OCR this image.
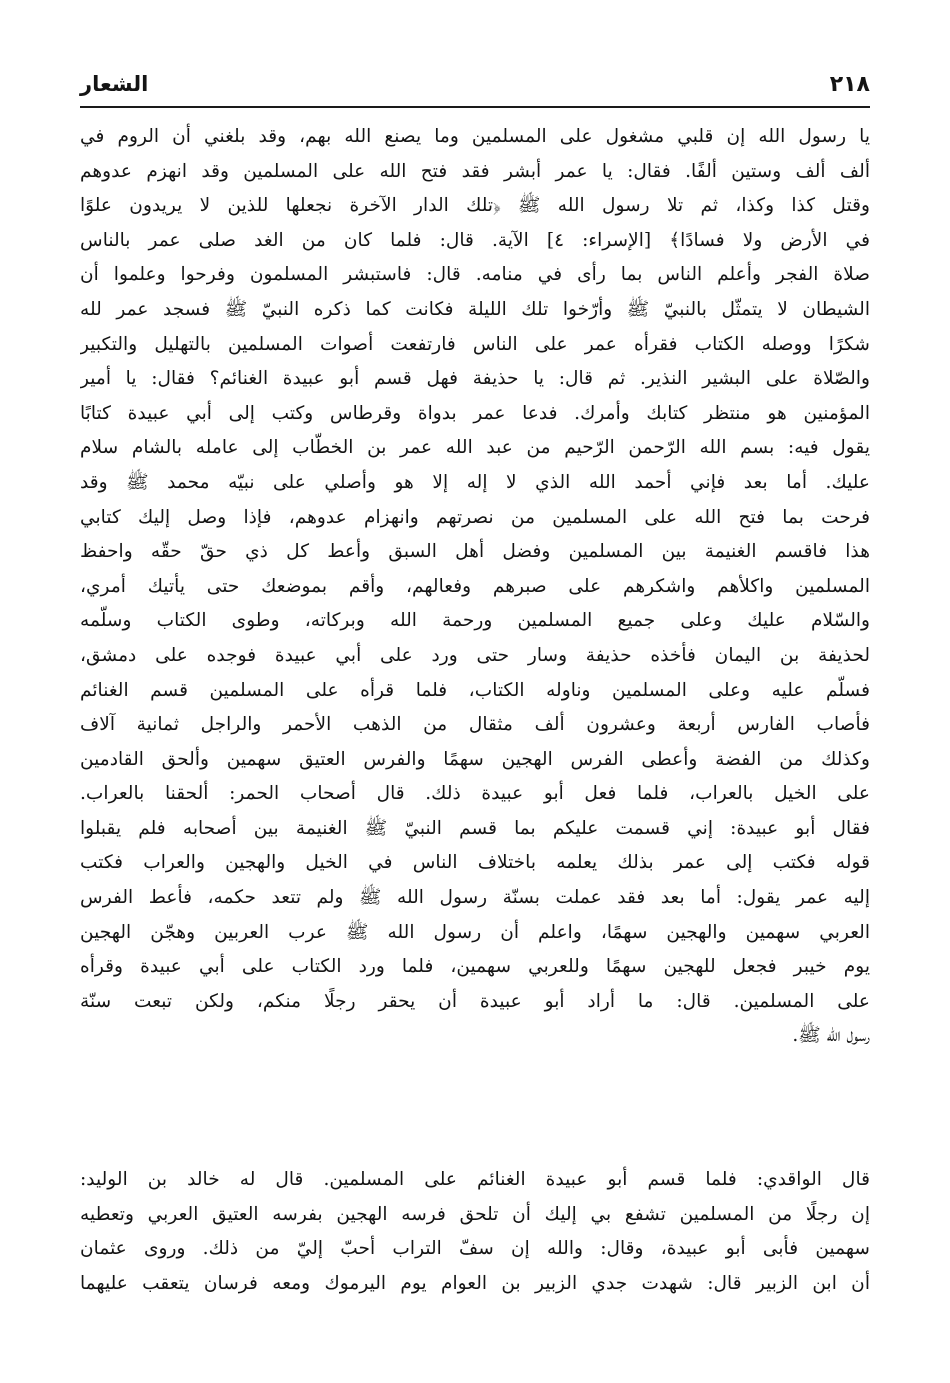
٢١٨
الشعار
يا رسول الله إن قلبي مشغول على المسلمين وما يصنع الله بهم، وقد بلغني أن الروم في
ألف ألف وستين ألفًا. فقال: يا عمر أبشر فقد فتح الله على المسلمين وقد انهزم عدوهم
وقتل كذا وكذا، ثم تلا رسول الله ﷺ ﴿تلك الدار الآخرة نجعلها للذين لا يريدون علوًا
في الأرض ولا فسادًا﴾ [الإسراء: ٤] الآية. قال: فلما كان من الغد صلى عمر بالناس
صلاة الفجر وأعلم الناس بما رأى في منامه. قال: فاستبشر المسلمون وفرحوا وعلموا أن
الشيطان لا يتمثّل بالنبيّ ﷺ وأرّخوا تلك الليلة فكانت كما ذكره النبيّ ﷺ فسجد عمر لله
شكرًا ووصله الكتاب فقرأه عمر على الناس فارتفعت أصوات المسلمين بالتهليل والتكبير
والصّلاة على البشير النذير. ثم قال: يا حذيفة فهل قسم أبو عبيدة الغنائم؟ فقال: يا أمير
المؤمنين هو منتظر كتابك وأمرك. فدعا عمر بدواة وقرطاس وكتب إلى أبي عبيدة كتابًا
يقول فيه: بسم الله الرّحمن الرّحيم من عبد الله عمر بن الخطّاب إلى عامله بالشام سلام
عليك. أما بعد فإني أحمد الله الذي لا إله إلا هو وأصلي على نبيّه محمد ﷺ وقد
فرحت بما فتح الله على المسلمين من نصرتهم وانهزام عدوهم، فإذا وصل إليك كتابي
هذا فاقسم الغنيمة بين المسلمين وفضل أهل السبق وأعط كل ذي حقّ حقّه واحفظ
المسلمين واكلأهم واشكرهم على صبرهم وفعالهم، وأقم بموضعك حتى يأتيك أمري،
والسّلام عليك وعلى جميع المسلمين ورحمة الله وبركاته، وطوى الكتاب وسلّمه
لحذيفة بن اليمان فأخذه حذيفة وسار حتى ورد على أبي عبيدة فوجده على دمشق،
فسلّم عليه وعلى المسلمين وناوله الكتاب، فلما قرأه على المسلمين قسم الغنائم
فأصاب الفارس أربعة وعشرون ألف مثقال من الذهب الأحمر والراجل ثمانية آلاف
وكذلك من الفضة وأعطى الفرس الهجين سهمًا والفرس العتيق سهمين وألحق القادمين
على الخيل بالعراب، فلما فعل أبو عبيدة ذلك. قال أصحاب الحمر: ألحقنا بالعراب.
فقال أبو عبيدة: إني قسمت عليكم بما قسم النبيّ ﷺ الغنيمة بين أصحابه فلم يقبلوا
قوله فكتب إلى عمر بذلك يعلمه باختلاف الناس في الخيل والهجين والعراب فكتب
إليه عمر يقول: أما بعد فقد عملت بسنّة رسول الله ﷺ ولم تتعد حكمه، فأعط الفرس
العربي سهمين والهجين سهمًا، واعلم أن رسول الله ﷺ عرب العربين وهجّن الهجين
يوم خيبر فجعل للهجين سهمًا وللعربي سهمين، فلما ورد الكتاب على أبي عبيدة وقرأه
على المسلمين. قال: ما أراد أبو عبيدة أن يحقر رجلًا منكم، ولكن تبعت سنّة
رسول الله ﷺ.
قال الواقدي: فلما قسم أبو عبيدة الغنائم على المسلمين. قال له خالد بن الوليد:
إن رجلًا من المسلمين تشفع بي إليك أن تلحق فرسه الهجين بفرسه العتيق العربي وتعطيه
سهمين فأبى أبو عبيدة، وقال: والله إن سفّ التراب أحبّ إليّ من ذلك. وروى عثمان
أن ابن الزبير قال: شهدت جدي الزبير بن العوام يوم اليرموك ومعه فرسان يتعقب عليهما
